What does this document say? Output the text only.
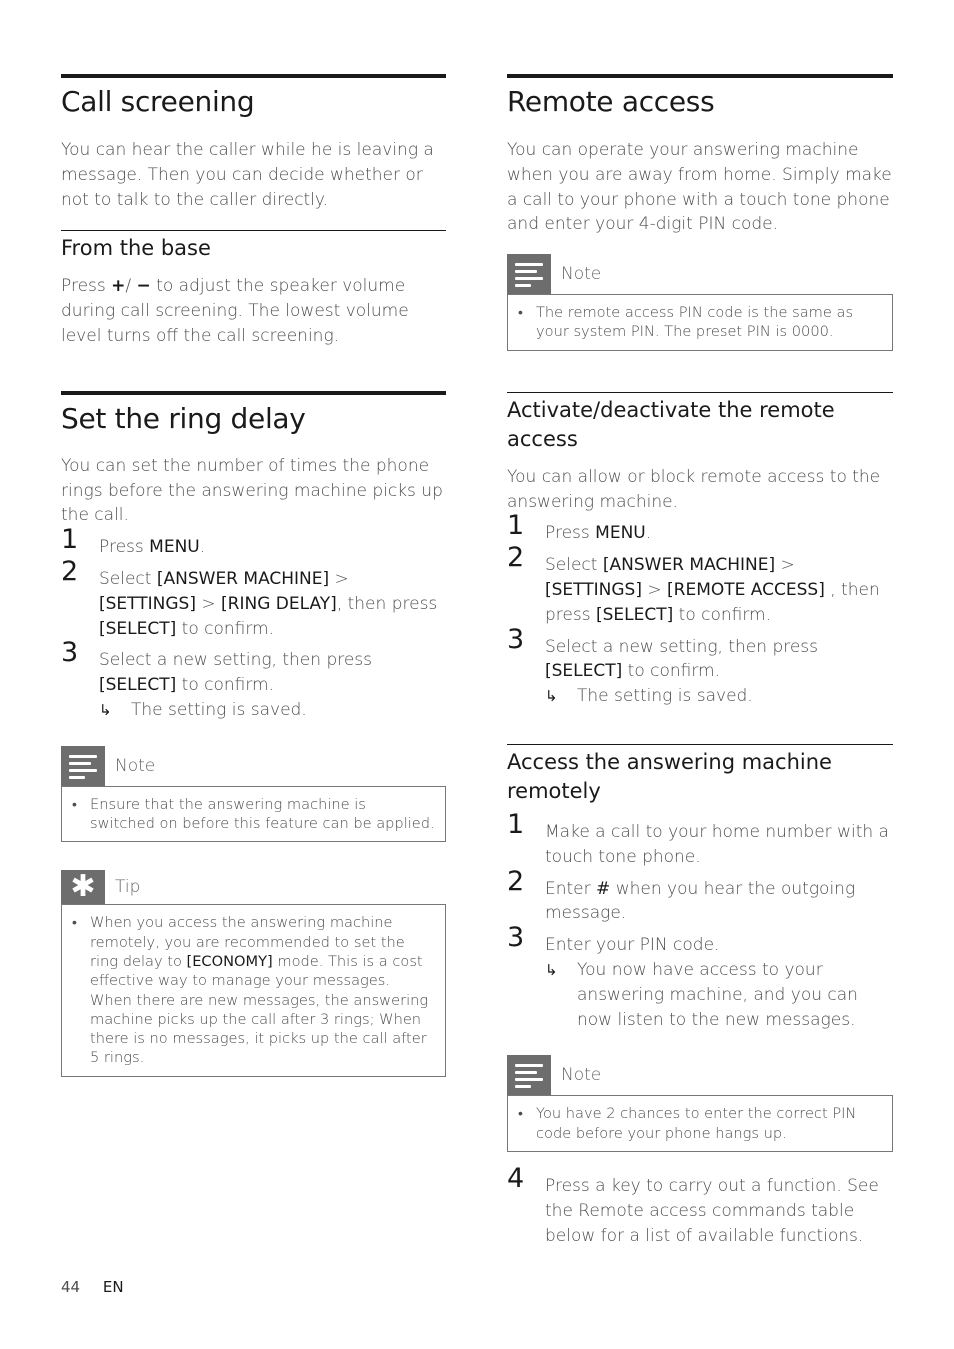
Call screening

You can hear the caller while he is leaving a message. Then you can decide whether or not to talk to the caller directly.

From the base

Press +/ − to adjust the speaker volume during call screening. The lowest volume level turns off the call screening.

Set the ring delay

You can set the number of times the phone rings before the answering machine picks up the call.

1 Press MENU.
2 Select [ANSWER MACHINE] > [SETTINGS] > [RING DELAY], then press [SELECT] to confirm.
3 Select a new setting, then press [SELECT] to confirm.
↳ The setting is saved.
Note
• Ensure that the answering machine is switched on before this feature can be applied.
✱	Tip
• When you access the answering machine remotely, you are recommended to set the ring delay to [ECONOMY] mode. This is a cost effective way to manage your messages. When there are new messages, the answering machine picks up the call after 3 rings; When there is no messages, it picks up the call after 5 rings.
Remote access

You can operate your answering machine when you are away from home. Simply make a call to your phone with a touch tone phone and enter your 4-digit PIN code.

Note
• The remote access PIN code is the same as your system PIN. The preset PIN is 0000.
Activate/deactivate the remote access

You can allow or block remote access to the answering machine.

1 Press MENU.
2 Select [ANSWER MACHINE] > [SETTINGS] > [REMOTE ACCESS] , then press [SELECT] to confirm.
3 Select a new setting, then press [SELECT] to confirm.
↳ The setting is saved.
Access the answering machine remotely
1 Make a call to your home number with a touch tone phone.
2 Enter # when you hear the outgoing message.
3 Enter your PIN code.
↳ You now have access to your answering machine, and you can now listen to the new messages.
Note
• You have 2 chances to enter the correct PIN code before your phone hangs up.
4 Press a key to carry out a function. See the Remote access commands table below for a list of available functions.
44 EN
